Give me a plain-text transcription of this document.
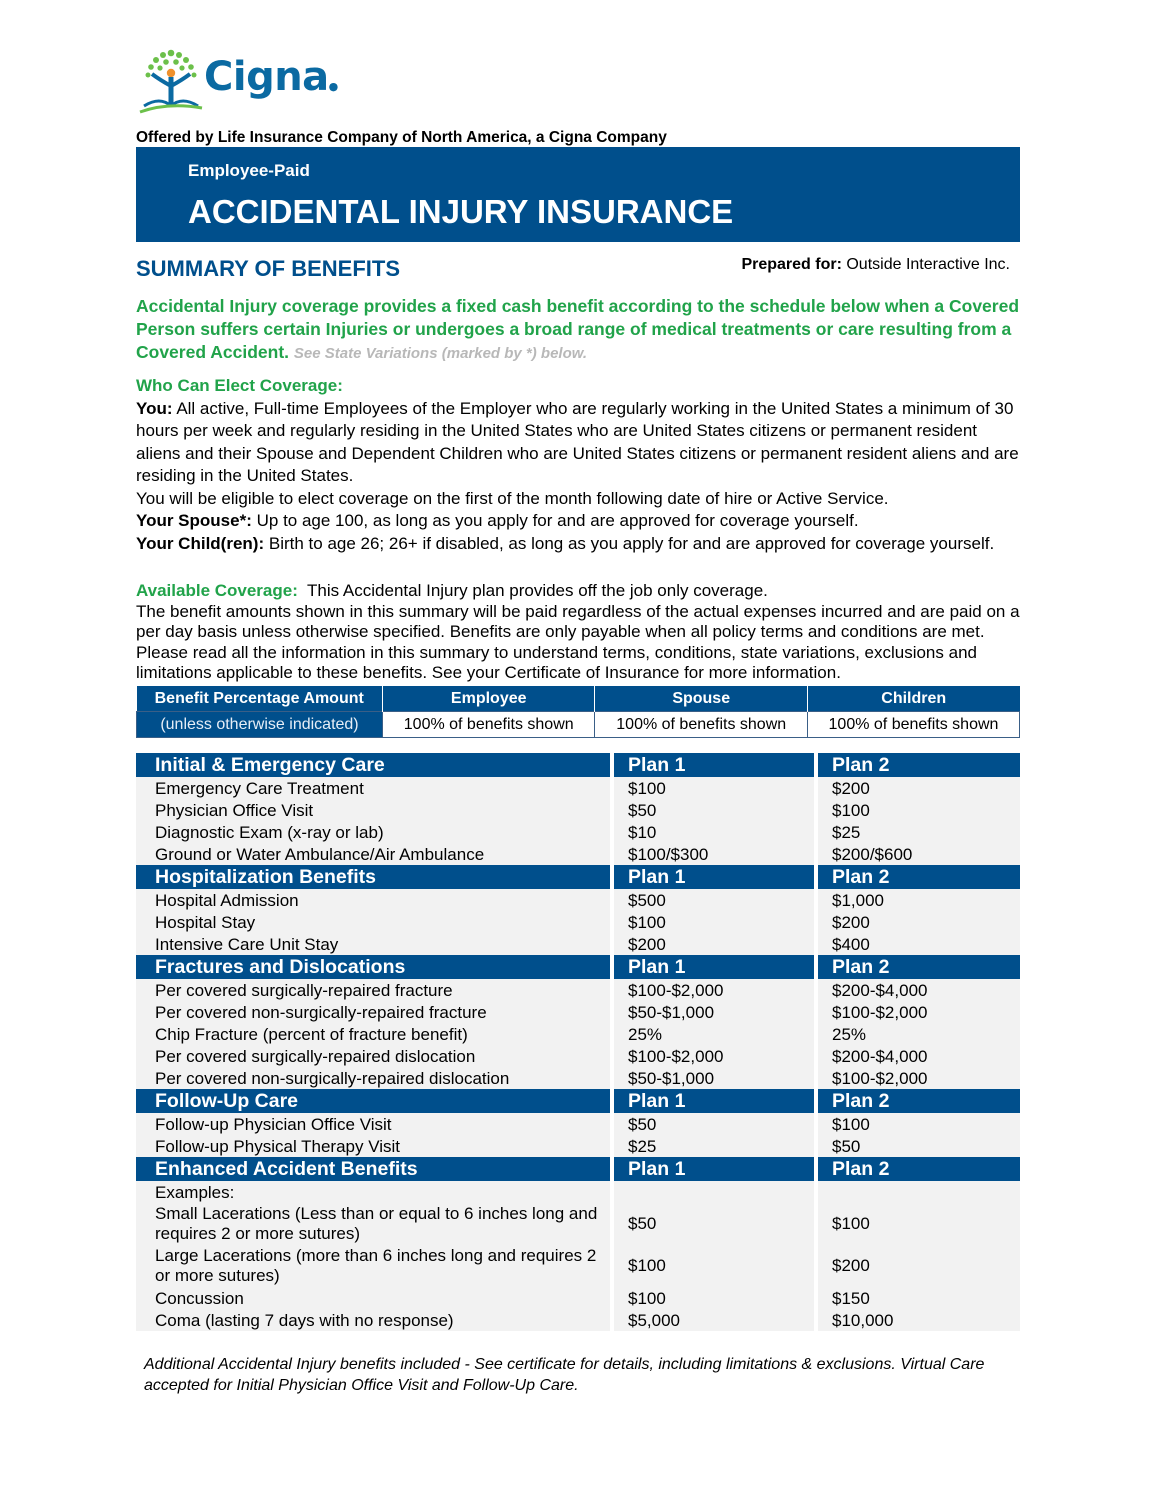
Cigna●
Offered by Life Insurance Company of North America, a Cigna Company
Employee-Paid
ACCIDENTAL INJURY INSURANCE
SUMMARY OF BENEFITS	Prepared for: Outside Interactive Inc.
Accidental Injury coverage provides a fixed cash benefit according to the schedule below when a Covered Person suffers certain Injuries or undergoes a broad range of medical treatments or care resulting from a Covered Accident. See State Variations (marked by *) below.
Who Can Elect Coverage:
You: All active, Full-time Employees of the Employer who are regularly working in the United States a minimum of 30 hours per week and regularly residing in the United States who are United States citizens or permanent resident aliens and their Spouse and Dependent Children who are United States citizens or permanent resident aliens and are residing in the United States.
You will be eligible to elect coverage on the first of the month following date of hire or Active Service.
Your Spouse*: Up to age 100, as long as you apply for and are approved for coverage yourself.
Your Child(ren): Birth to age 26; 26+ if disabled, as long as you apply for and are approved for coverage yourself.
Available Coverage: This Accidental Injury plan provides off the job only coverage.
The benefit amounts shown in this summary will be paid regardless of the actual expenses incurred and are paid on a per day basis unless otherwise specified. Benefits are only payable when all policy terms and conditions are met. Please read all the information in this summary to understand terms, conditions, state variations, exclusions and limitations applicable to these benefits. See your Certificate of Insurance for more information.
Benefit Percentage Amount	Employee	Spouse	Children
(unless otherwise indicated)	100% of benefits shown	100% of benefits shown	100% of benefits shown
Initial & Emergency Care	Plan 1	Plan 2
Emergency Care Treatment	$100	$200
Physician Office Visit	$50	$100
Diagnostic Exam (x-ray or lab)	$10	$25
Ground or Water Ambulance/Air Ambulance	$100/$300	$200/$600
Hospitalization Benefits	Plan 1	Plan 2
Hospital Admission	$500	$1,000
Hospital Stay	$100	$200
Intensive Care Unit Stay	$200	$400
Fractures and Dislocations	Plan 1	Plan 2
Per covered surgically-repaired fracture	$100-$2,000	$200-$4,000
Per covered non-surgically-repaired fracture	$50-$1,000	$100-$2,000
Chip Fracture (percent of fracture benefit)	25%	25%
Per covered surgically-repaired dislocation	$100-$2,000	$200-$4,000
Per covered non-surgically-repaired dislocation	$50-$1,000	$100-$2,000
Follow-Up Care	Plan 1	Plan 2
Follow-up Physician Office Visit	$50	$100
Follow-up Physical Therapy Visit	$25	$50
Enhanced Accident Benefits	Plan 1	Plan 2
Examples:		
Small Lacerations (Less than or equal to 6 inches long and requires 2 or more sutures)	$50	$100
Large Lacerations (more than 6 inches long and requires 2 or more sutures)	$100	$200
Concussion	$100	$150
Coma (lasting 7 days with no response)	$5,000	$10,000
Additional Accidental Injury benefits included - See certificate for details, including limitations & exclusions. Virtual Care accepted for Initial Physician Office Visit and Follow-Up Care.
